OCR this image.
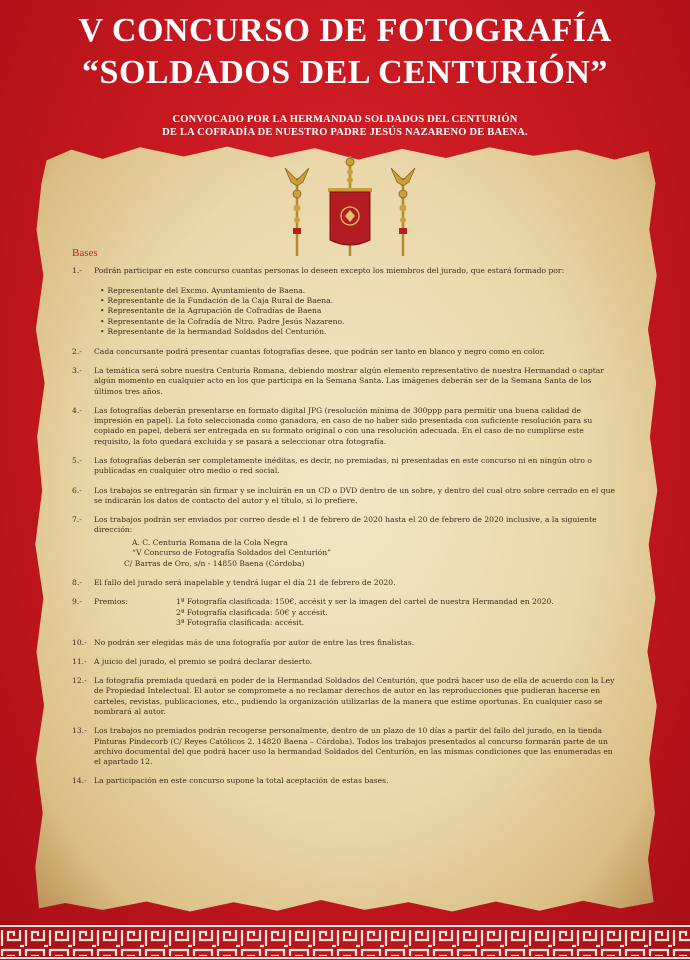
V CONCURSO DE FOTOGRAFÍA
“SOLDADOS DEL CENTURIÓN”
CONVOCADO POR LA HERMANDAD SOLDADOS DEL CENTURIÓN
DE LA COFRADÍA DE NUESTRO PADRE JESÚS NAZARENO DE BAENA.
Bases
1.-	Podrán participar en este concurso cuantas personas lo deseen excepto los miembros del jurado, que estará formado por:
• Representante del Excmo. Ayuntamiento de Baena.
• Representante de la Fundación de la Caja Rural de Baena.
• Representante de la Agrupación de Cofradías de Baena
• Representante de la Cofradía de Ntro. Padre Jesús Nazareno.
• Representante de la hermandad Soldados del Centurión.
2.-	Cada concursante podrá presentar cuantas fotografías desee, que podrán ser tanto en blanco y negro como en color.
3.-	La temática será sobre nuestra Centuria Romana, debiendo mostrar algún elemento representativo de nuestra Hermandad o captar algún momento en cualquier acto en los que participa en la Semana Santa. Las imágenes deberán ser de la Semana Santa de los últimos tres años.
4.-	Las fotografías deberán presentarse en formato digital JPG (resolución mínima de 300ppp para permitir una buena calidad de impresión en papel). La foto seleccionada como ganadora, en caso de no haber sido presentada con suficiente resolución para su copiado en papel, deberá ser entregada en su formato original o con una resolución adecuada. En el caso de no cumplirse este requisito, la foto quedará excluida y se pasará a seleccionar otra fotografía.
5.-	Las fotografías deberán ser completamente inéditas, es decir, no premiadas, ni presentadas en este concurso ni en ningún otro o publicadas en cualquier otro medio o red social.
6.-	Los trabajos se entregarán sin firmar y se incluirán en un CD o DVD dentro de un sobre, y dentro del cual otro sobre cerrado en el que se indicarán los datos de contacto del autor y el título, si lo prefiere.
7.-	Los trabajos podrán ser enviados por correo desde el 1 de febrero de 2020 hasta el 20 de febrero de 2020 inclusive, a la siguiente dirección:
A. C. Centuria Romana de la Cola Negra
“V Concurso de Fotografía Soldados del Centurión”
C/ Barras de Oro, s/n - 14850 Baena (Córdoba)
8.-	El fallo del jurado será inapelable y tendrá lugar el día 21 de febrero de 2020.
9.-	Premios:	1ª Fotografía clasificada: 150€, accésit y ser la imagen del cartel de nuestra Hermandad en 2020.
2ª Fotografía clasificada: 50€ y accésit.
3ª Fotografía clasificada: accésit.
10.- No podrán ser elegidas más de una fotografía por autor de entre las tres finalistas.
11.- A juicio del jurado, el premio se podrá declarar desierto.
12.- La fotografía premiada quedará en poder de la Hermandad Soldados del Centurión, que podrá hacer uso de ella de acuerdo con la Ley de Propiedad Intelectual. El autor se compromete a no reclamar derechos de autor en las reproducciones que pudieran hacerse en carteles, revistas, publicaciones, etc., pudiendo la organización utilizarlas de la manera que estime oportunas. En cualquier caso se nombrará al autor.
13.- Los trabajos no premiados podrán recogerse personalmente, dentro de un plazo de 10 días a partir del fallo del jurado, en la tienda Pinturas Pindecorb (C/ Reyes Católicos 2. 14820 Baena – Córdoba). Todos los trabajos presentados al concurso formarán parte de un archivo documental del que podrá hacer uso la hermandad Soldados del Centurión, en las mismas condiciones que las enumeradas en el apartado 12.
14.- La participación en este concurso supone la total aceptación de estas bases.
